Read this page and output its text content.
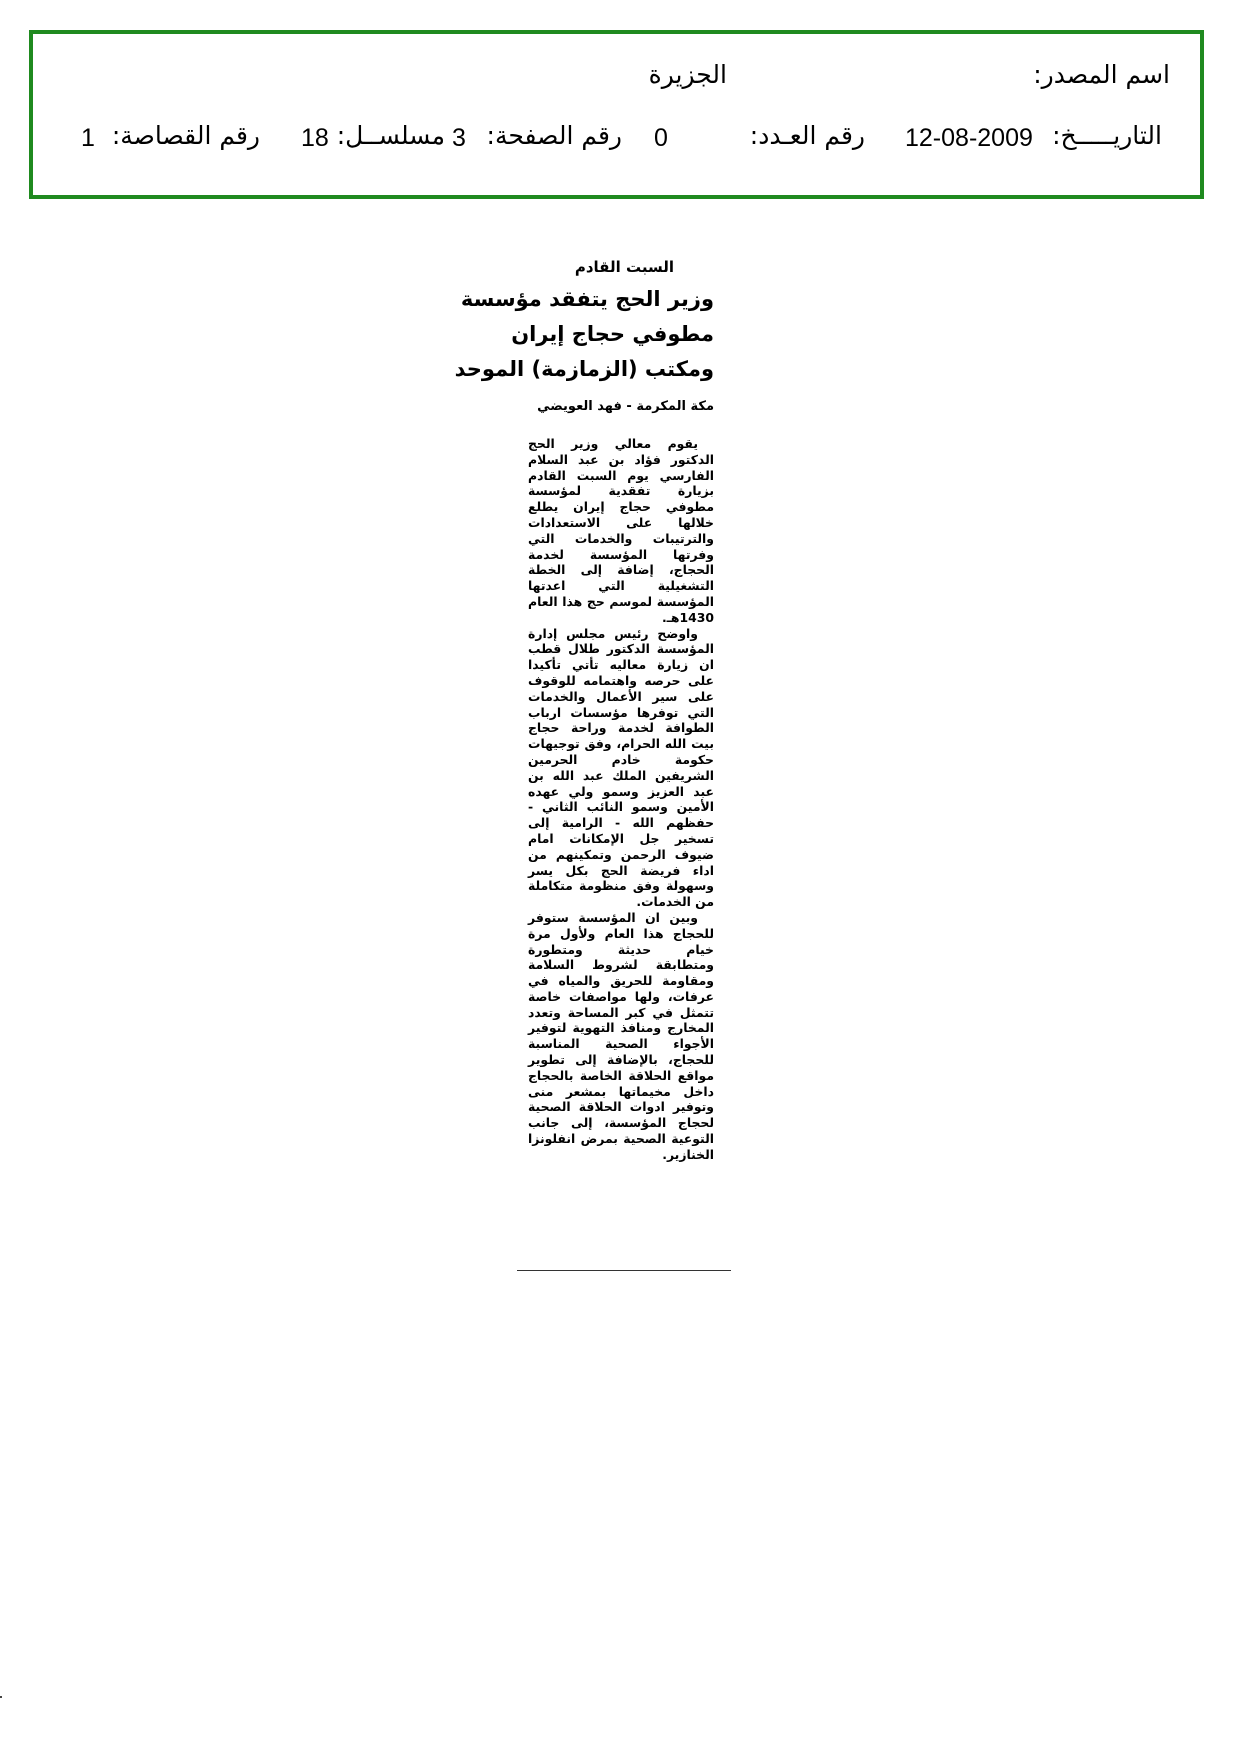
اسم المصدر:
الجزيرة
التاريـــــخ:
12-08-2009
رقم العـدد:
0
رقم الصفحة:
3
مسلســل:
18
رقم القصاصة:
1
السبت القادم
وزير الحج يتفقد مؤسسة
مطوفي حجاج إيران
ومكتب (الزمازمة) الموحد
مكة المكرمة - فهد العويضي

يقوم معالي وزير الحج الدكتور فؤاد بن عبد السلام الفارسي يوم السبت القادم بزيارة تفقدية لمؤسسة مطوفي حجاج إيران يطلع خلالها على الاستعدادات والترتيبات والخدمات التي وفرتها المؤسسة لخدمة الحجاج، إضافة إلى الخطة التشغيلية التي اعدتها المؤسسة لموسم حج هذا العام 1430هـ.

واوضح رئيس مجلس إدارة المؤسسة الدكتور طلال قطب ان زيارة معاليه تأتي تأكيدا على حرصه واهتمامه للوقوف على سير الأعمال والخدمات التي توفرها مؤسسات ارباب الطوافة لخدمة وراحة حجاج بيت الله الحرام، وفق توجيهات حكومة خادم الحرمين الشريفين الملك عبد الله بن عبد العزيز وسمو ولي عهده الأمين وسمو النائب الثاني - حفظهم الله - الرامية إلى تسخير جل الإمكانات امام ضيوف الرحمن وتمكينهم من اداء فريضة الحج بكل يسر وسهولة وفق منظومة متكاملة من الخدمات.

وبين ان المؤسسة ستوفر للحجاج هذا العام ولأول مرة خيام حديثة ومتطورة ومتطابقة لشروط السلامة ومقاومة للحريق والمياه في عرفات، ولها مواصفات خاصة تتمثل في كبر المساحة وتعدد المخارج ومنافذ التهوية لتوفير الأجواء الصحية المناسبة للحجاج، بالإضافة إلى تطوير مواقع الحلاقة الخاصة بالحجاج داخل مخيماتها بمشعر منى وتوفير ادوات الحلاقة الصحية لحجاج المؤسسة، إلى جانب التوعية الصحية بمرض انفلونزا الخنازير.
